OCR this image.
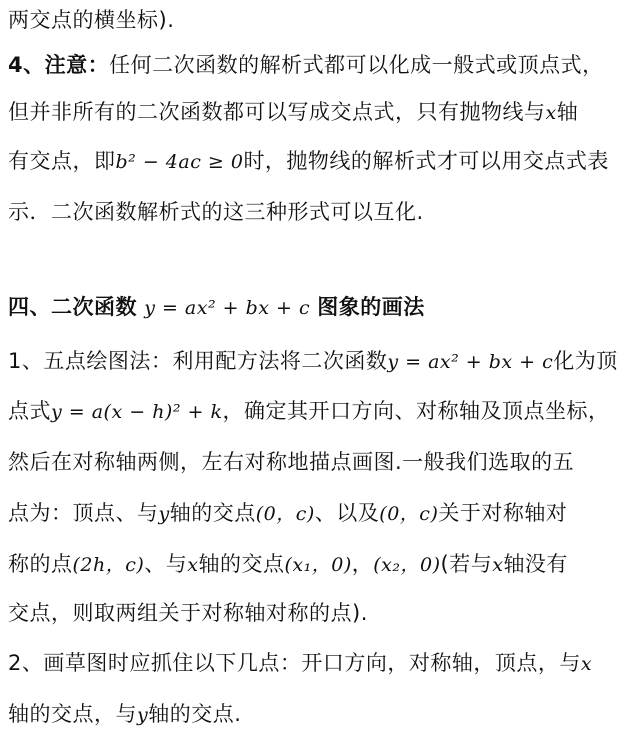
两交点的横坐标).
4、注意：任何二次函数的解析式都可以化成一般式或顶点式，
但并非所有的二次函数都可以写成交点式，只有抛物线与x轴
有交点，即b² − 4ac ≥ 0时，抛物线的解析式才可以用交点式表
示．二次函数解析式的这三种形式可以互化.
四、二次函数 y = ax² + bx + c 图象的画法
1、五点绘图法：利用配方法将二次函数y = ax² + bx + c化为顶
点式y = a(x − h)² + k，确定其开口方向、对称轴及顶点坐标，
然后在对称轴两侧，左右对称地描点画图.一般我们选取的五
点为：顶点、与y轴的交点(0，c)、以及(0，c)关于对称轴对
称的点(2h，c)、与x轴的交点(x₁，0)，(x₂，0)(若与x轴没有
交点，则取两组关于对称轴对称的点).
2、画草图时应抓住以下几点：开口方向，对称轴，顶点，与x
轴的交点，与y轴的交点.
